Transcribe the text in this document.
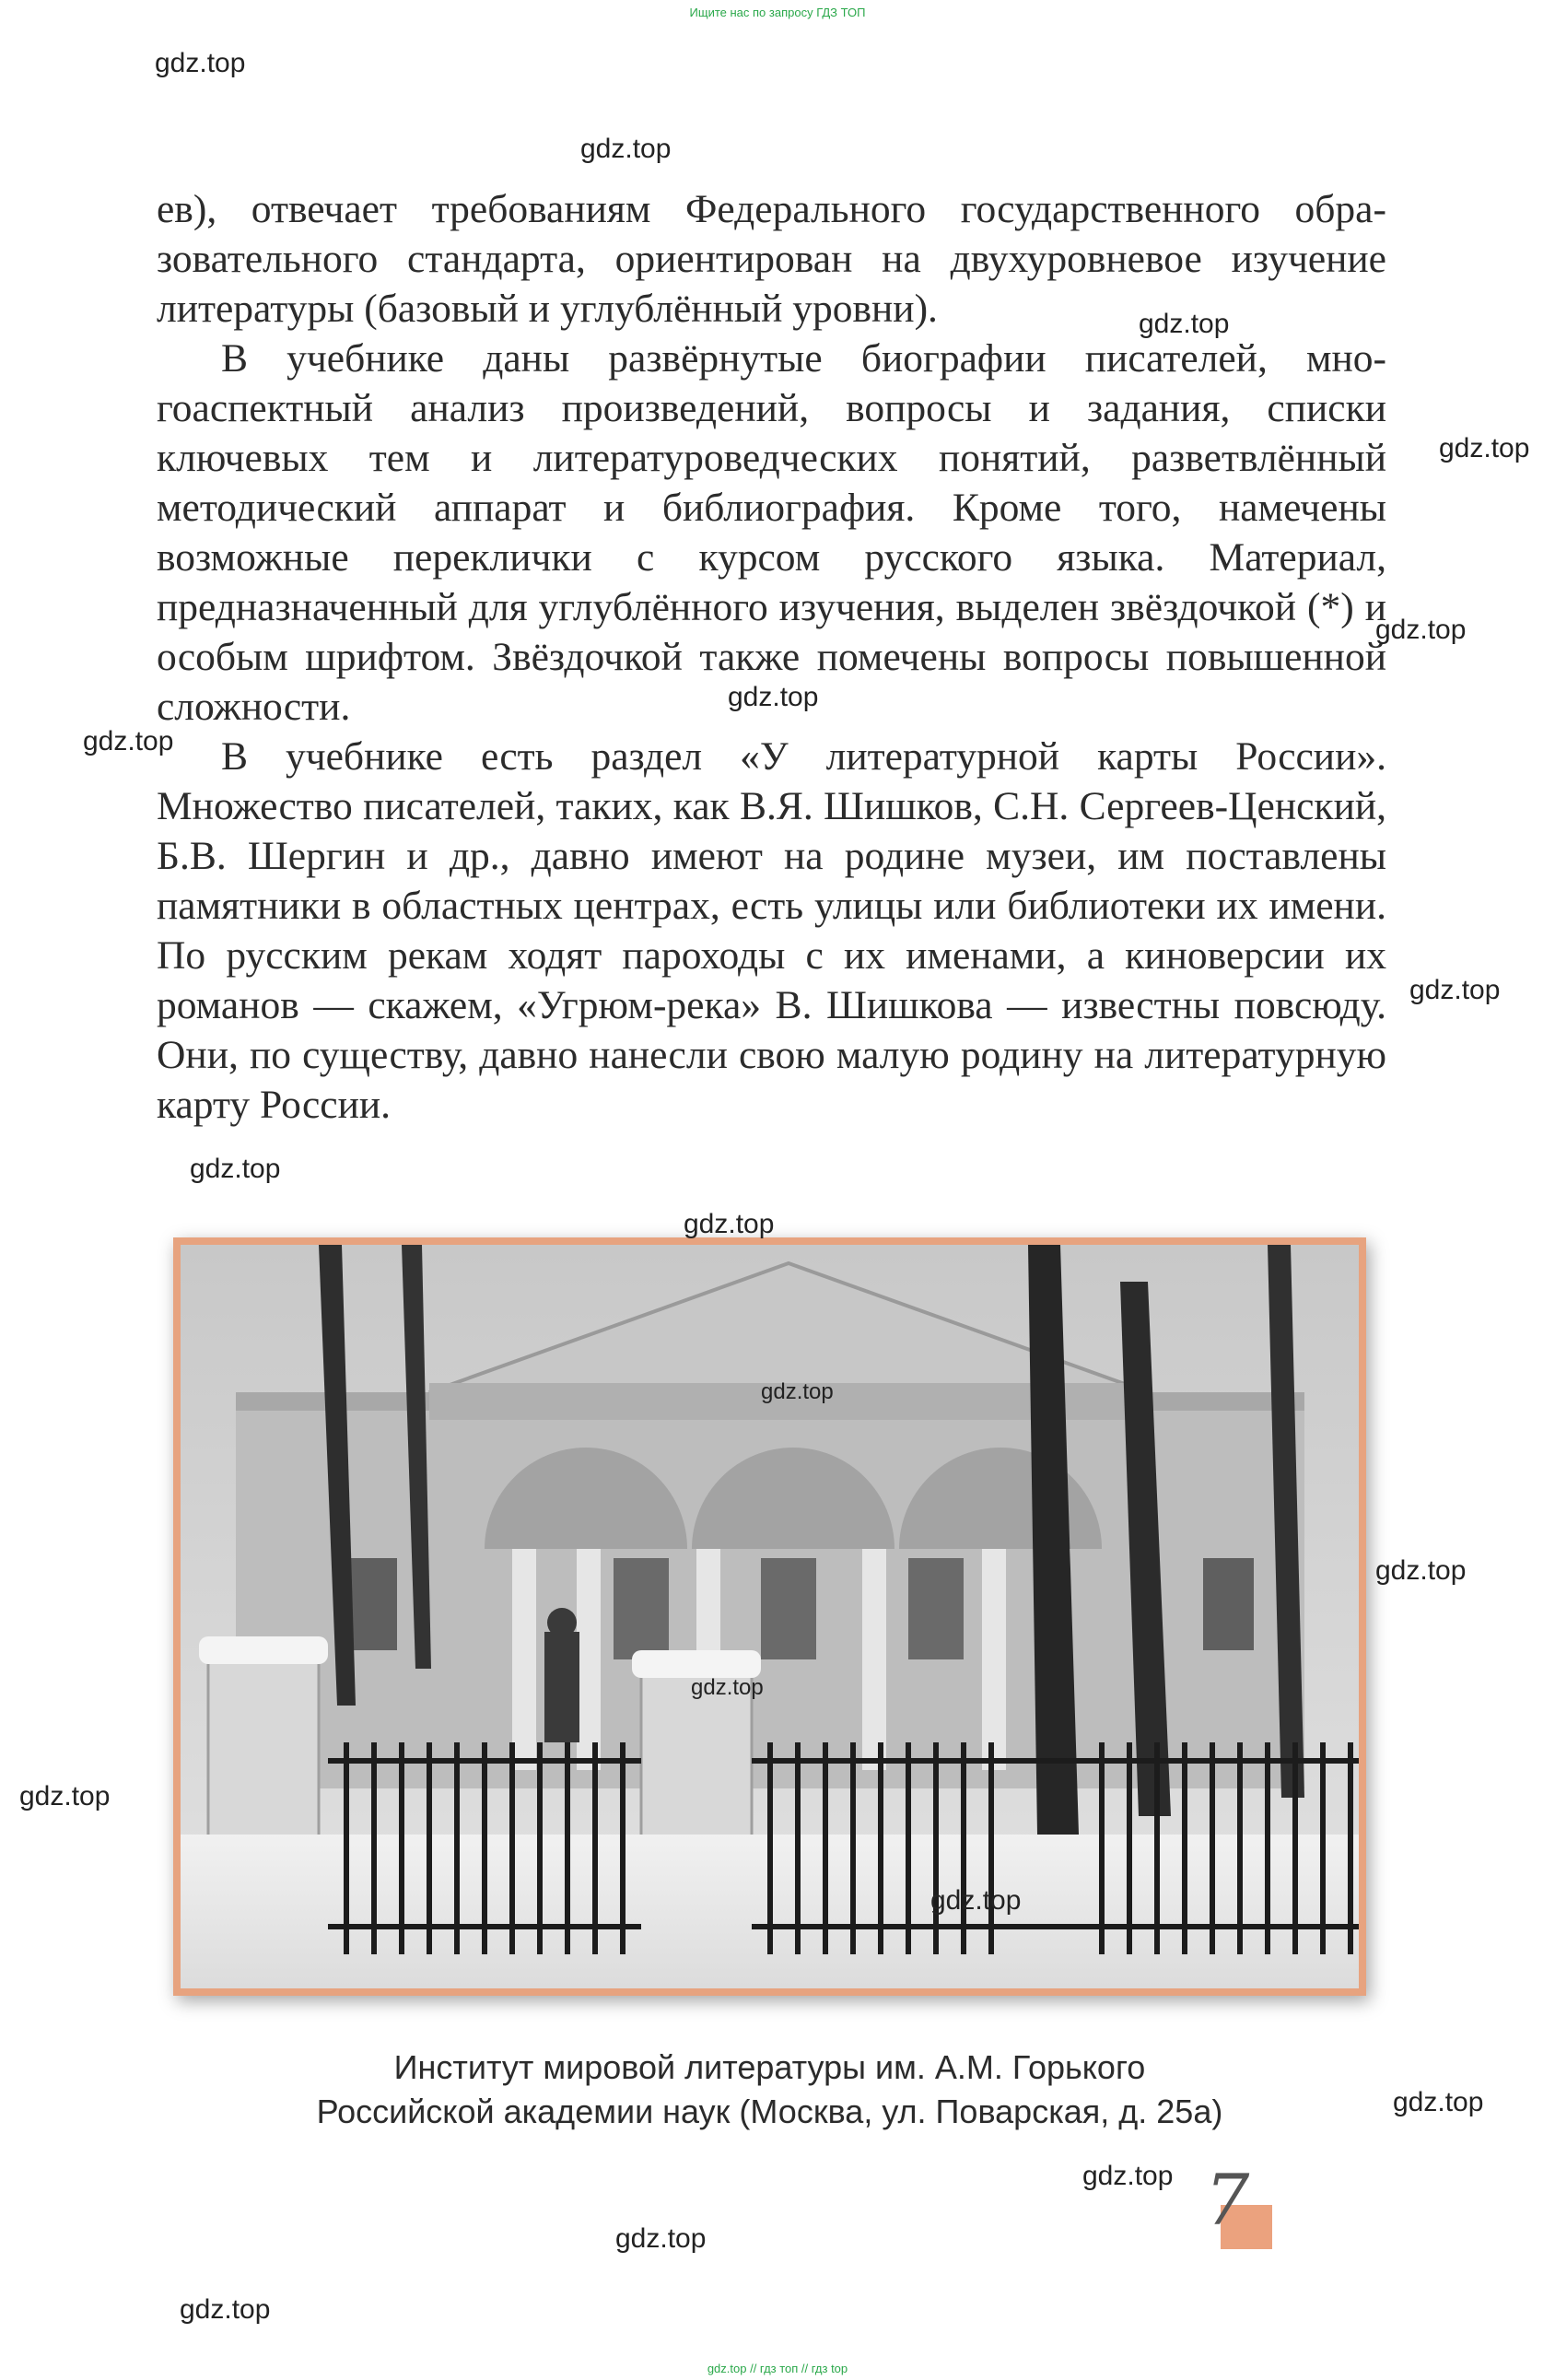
Ищите нас по запросу ГДЗ ТОП

ев), отвечает требованиям Федерального государственного образовательного стандарта, ориентирован на двухуровневое изучение литературы (базовый и углублённый уровни).

В учебнике даны развёрнутые биографии писателей, многоаспектный анализ произведений, вопросы и задания, списки ключевых тем и литературоведческих понятий, разветвлённый методический аппарат и библиография. Кроме того, намечены возможные переклички с курсом русского языка. Материал, предназначенный для углублённого изучения, выделен звёздочкой (*) и особым шрифтом. Звёздочкой также помечены вопросы повышенной сложности.

В учебнике есть раздел «У литературной карты России». Множество писателей, таких, как В.Я. Шишков, С.Н. Сергеев-Ценский, Б.В. Шергин и др., давно имеют на родине музеи, им поставлены памятники в областных центрах, есть улицы или библиотеки их имени. По русским рекам ходят пароходы с их именами, а киноверсии их романов — скажем, «Угрюм-река» В. Шишкова — известны повсюду. Они, по существу, давно нанесли свою малую родину на литературную карту России.

Институт мировой литературы им. А.М. Горького
Российской академии наук (Москва, ул. Поварская, д. 25а)
7
gdz.top
gdz.top
gdz.top
gdz.top
gdz.top
gdz.top
gdz.top
gdz.top
gdz.top
gdz.top
gdz.top
gdz.top
gdz.top
gdz.top
gdz.top
gdz.top
gdz.top
gdz.top
gdz.top
gdz.top // гдз топ // гдз top
